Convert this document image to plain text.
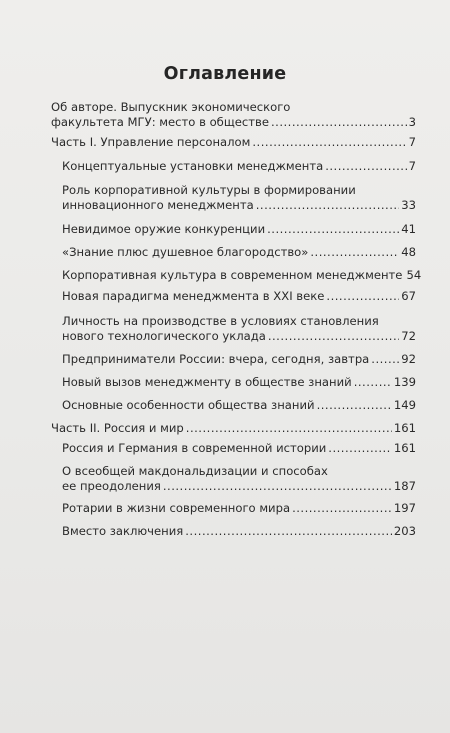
Оглавление
Об авторе. Выпускник экономического
факультета МГУ: место в обществе . . .	3
Часть I. Управление персоналом . . .	7
Концептуальные установки менеджмента . . .	7
Роль корпоративной культуры в формировании
инновационного менеджмента . . .	33
Невидимое оружие конкуренции . . .	41
«Знание плюс душевное благородство» . . .	48
Корпоративная культура в современном менеджменте 54
Новая парадигма менеджмента в XXI веке . . .	67
Личность на производстве в условиях становления
нового технологического уклада . . .	72
Предприниматели России: вчера, сегодня, завтра . . .	92
Новый вызов менеджменту в обществе знаний . . .	139
Основные особенности общества знаний . . .	149
Часть II. Россия и мир . . .	161
Россия и Германия в современной истории . . .	161
О всеобщей макдональдизации и способах
ее преодоления . . .	187
Ротарии в жизни современного мира . . .	197
Вместо заключения . . .	203
